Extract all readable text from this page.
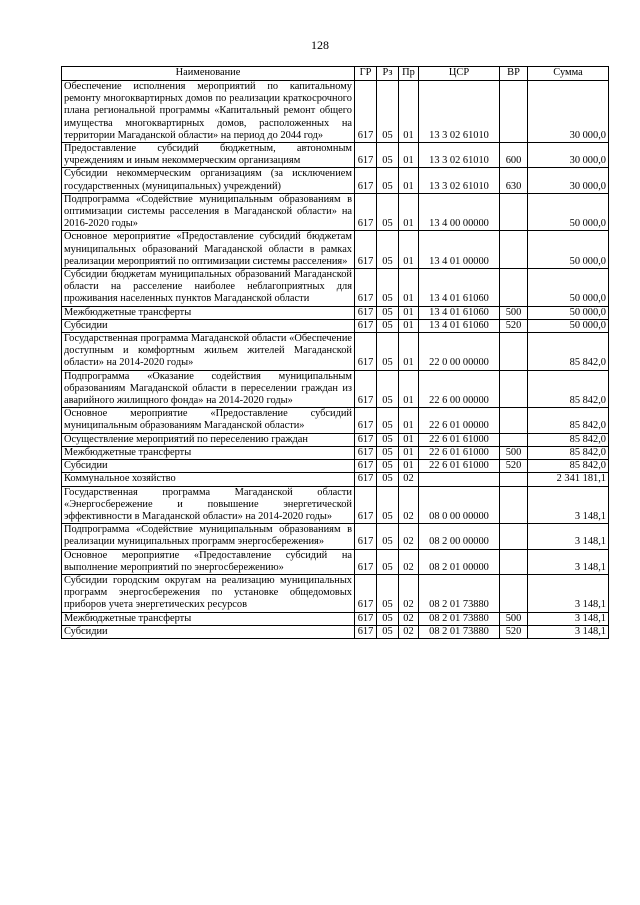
128
Наименование	ГР	Рз	Пр	ЦСР	ВР	Сумма
Обеспечение исполнения мероприятий по капитальному ремонту многоквартирных домов по реализации краткосрочного плана региональной программы «Капитальный ремонт общего имущества многоквартирных домов, расположенных на территории Магаданской области» на период до 2044 год»	617	05	01	13 3 02 61010		30 000,0
Предоставление субсидий бюджетным, автономным учреждениям и иным некоммерческим организациям	617	05	01	13 3 02 61010	600	30 000,0
Субсидии некоммерческим организациям (за исключением государственных (муниципальных) учреждений)	617	05	01	13 3 02 61010	630	30 000,0
Подпрограмма «Содействие муниципальным образованиям в оптимизации системы расселения в Магаданской области» на 2016-2020 годы»	617	05	01	13 4 00 00000		50 000,0
Основное мероприятие «Предоставление субсидий бюджетам муниципальных образований Магаданской области в рамках реализации мероприятий по оптимизации системы расселения»	617	05	01	13 4 01 00000		50 000,0
Субсидии бюджетам муниципальных образований Магаданской области на расселение наиболее неблагоприятных для проживания населенных пунктов Магаданской области	617	05	01	13 4 01 61060		50 000,0
Межбюджетные трансферты	617	05	01	13 4 01 61060	500	50 000,0
Субсидии	617	05	01	13 4 01 61060	520	50 000,0
Государственная программа Магаданской области «Обеспечение доступным и комфортным жильем жителей Магаданской области» на 2014-2020 годы»	617	05	01	22 0 00 00000		85 842,0
Подпрограмма «Оказание содействия муниципальным образованиям Магаданской области в переселении граждан из аварийного жилищного фонда» на 2014-2020 годы»	617	05	01	22 6 00 00000		85 842,0
Основное мероприятие «Предоставление субсидий муниципальным образованиям Магаданской области»	617	05	01	22 6 01 00000		85 842,0
Осуществление мероприятий по переселению граждан	617	05	01	22 6 01 61000		85 842,0
Межбюджетные трансферты	617	05	01	22 6 01 61000	500	85 842,0
Субсидии	617	05	01	22 6 01 61000	520	85 842,0
Коммунальное хозяйство	617	05	02			2 341 181,1
Государственная программа Магаданской области «Энергосбережение и повышение энергетической эффективности в Магаданской области» на 2014-2020 годы»	617	05	02	08 0 00 00000		3 148,1
Подпрограмма «Содействие муниципальным образованиям в реализации муниципальных программ энергосбережения»	617	05	02	08 2 00 00000		3 148,1
Основное мероприятие «Предоставление субсидий на выполнение мероприятий по энергосбережению»	617	05	02	08 2 01 00000		3 148,1
Субсидии городским округам на реализацию муниципальных программ энергосбережения по установке общедомовых приборов учета энергетических ресурсов	617	05	02	08 2 01 73880		3 148,1
Межбюджетные трансферты	617	05	02	08 2 01 73880	500	3 148,1
Субсидии	617	05	02	08 2 01 73880	520	3 148,1
